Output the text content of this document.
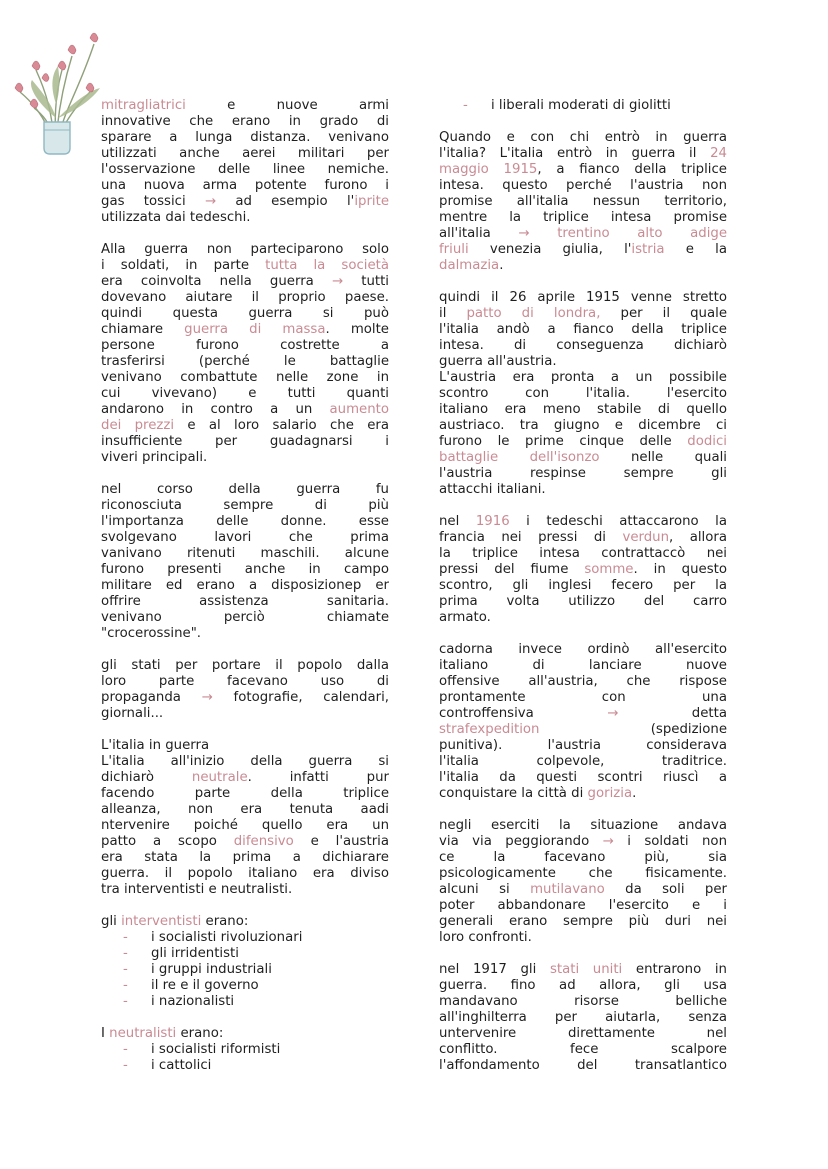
mitragliatrici e nuove armi
innovative che erano in grado di
sparare a lunga distanza. venivano
utilizzati anche aerei militari per
l'osservazione delle linee nemiche.
una nuova arma potente furono i
gas tossici → ad esempio l'iprite
utilizzata dai tedeschi.
Alla guerra non parteciparono solo
i soldati, in parte tutta la società
era coinvolta nella guerra → tutti
dovevano aiutare il proprio paese.
quindi questa guerra si può
chiamare guerra di massa. molte
persone furono costrette a
trasferirsi (perché le battaglie
venivano combattute nelle zone in
cui vivevano) e tutti quanti
andarono in contro a un aumento
dei prezzi e al loro salario che era
insufficiente per guadagnarsi i
viveri principali.
nel corso della guerra fu
riconosciuta sempre di più
l'importanza delle donne. esse
svolgevano lavori che prima
vanivano ritenuti maschili. alcune
furono presenti anche in campo
militare ed erano a disposizionep er
offrire assistenza sanitaria.
venivano perciò chiamate
"crocerossine".
gli stati per portare il popolo dalla
loro parte facevano uso di
propaganda → fotografie, calendari,
giornali...
L'italia in guerra
L'italia all'inizio della guerra si
dichiarò neutrale. infatti pur
facendo parte della triplice
alleanza, non era tenuta aadi
ntervenire poiché quello era un
patto a scopo difensivo e l'austria
era stata la prima a dichiarare
guerra. il popolo italiano era diviso
tra interventisti e neutralisti.
gli interventisti erano:
- i socialisti rivoluzionari
- gli irridentisti
- i gruppi industriali
- il re e il governo
- i nazionalisti
I neutralisti erano:
- i socialisti riformisti
- i cattolici
- i liberali moderati di giolitti
Quando e con chi entrò in guerra
l'italia? L'italia entrò in guerra il 24
maggio 1915, a fianco della triplice
intesa. questo perché l'austria non
promise all'italia nessun territorio,
mentre la triplice intesa promise
all'italia → trentino alto adige
friuli venezia giulia, l'istria e la
dalmazia.
quindi il 26 aprile 1915 venne stretto
il patto di londra, per il quale
l'italia andò a fianco della triplice
intesa. di conseguenza dichiarò
guerra all'austria.
L'austria era pronta a un possibile
scontro con l'italia. l'esercito
italiano era meno stabile di quello
austriaco. tra giugno e dicembre ci
furono le prime cinque delle dodici
battaglie dell'isonzo nelle quali
l'austria respinse sempre gli
attacchi italiani.
nel 1916 i tedeschi attaccarono la
francia nei pressi di verdun, allora
la triplice intesa contrattaccò nei
pressi del fiume somme. in questo
scontro, gli inglesi fecero per la
prima volta utilizzo del carro
armato.
cadorna invece ordinò all'esercito
italiano di lanciare nuove
offensive all'austria, che rispose
prontamente con una
controffensiva → detta
strafexpedition (spedizione
punitiva). l'austria considerava
l'italia colpevole, traditrice.
l'italia da questi scontri riuscì a
conquistare la città di gorizia.
negli eserciti la situazione andava
via via peggiorando → i soldati non
ce la facevano più, sia
psicologicamente che fisicamente.
alcuni si mutilavano da soli per
poter abbandonare l'esercito e i
generali erano sempre più duri nei
loro confronti.
nel 1917 gli stati uniti entrarono in
guerra. fino ad allora, gli usa
mandavano risorse belliche
all'inghilterra per aiutarla, senza
untervenire direttamente nel
conflitto. fece scalpore
l'affondamento del transatlantico
